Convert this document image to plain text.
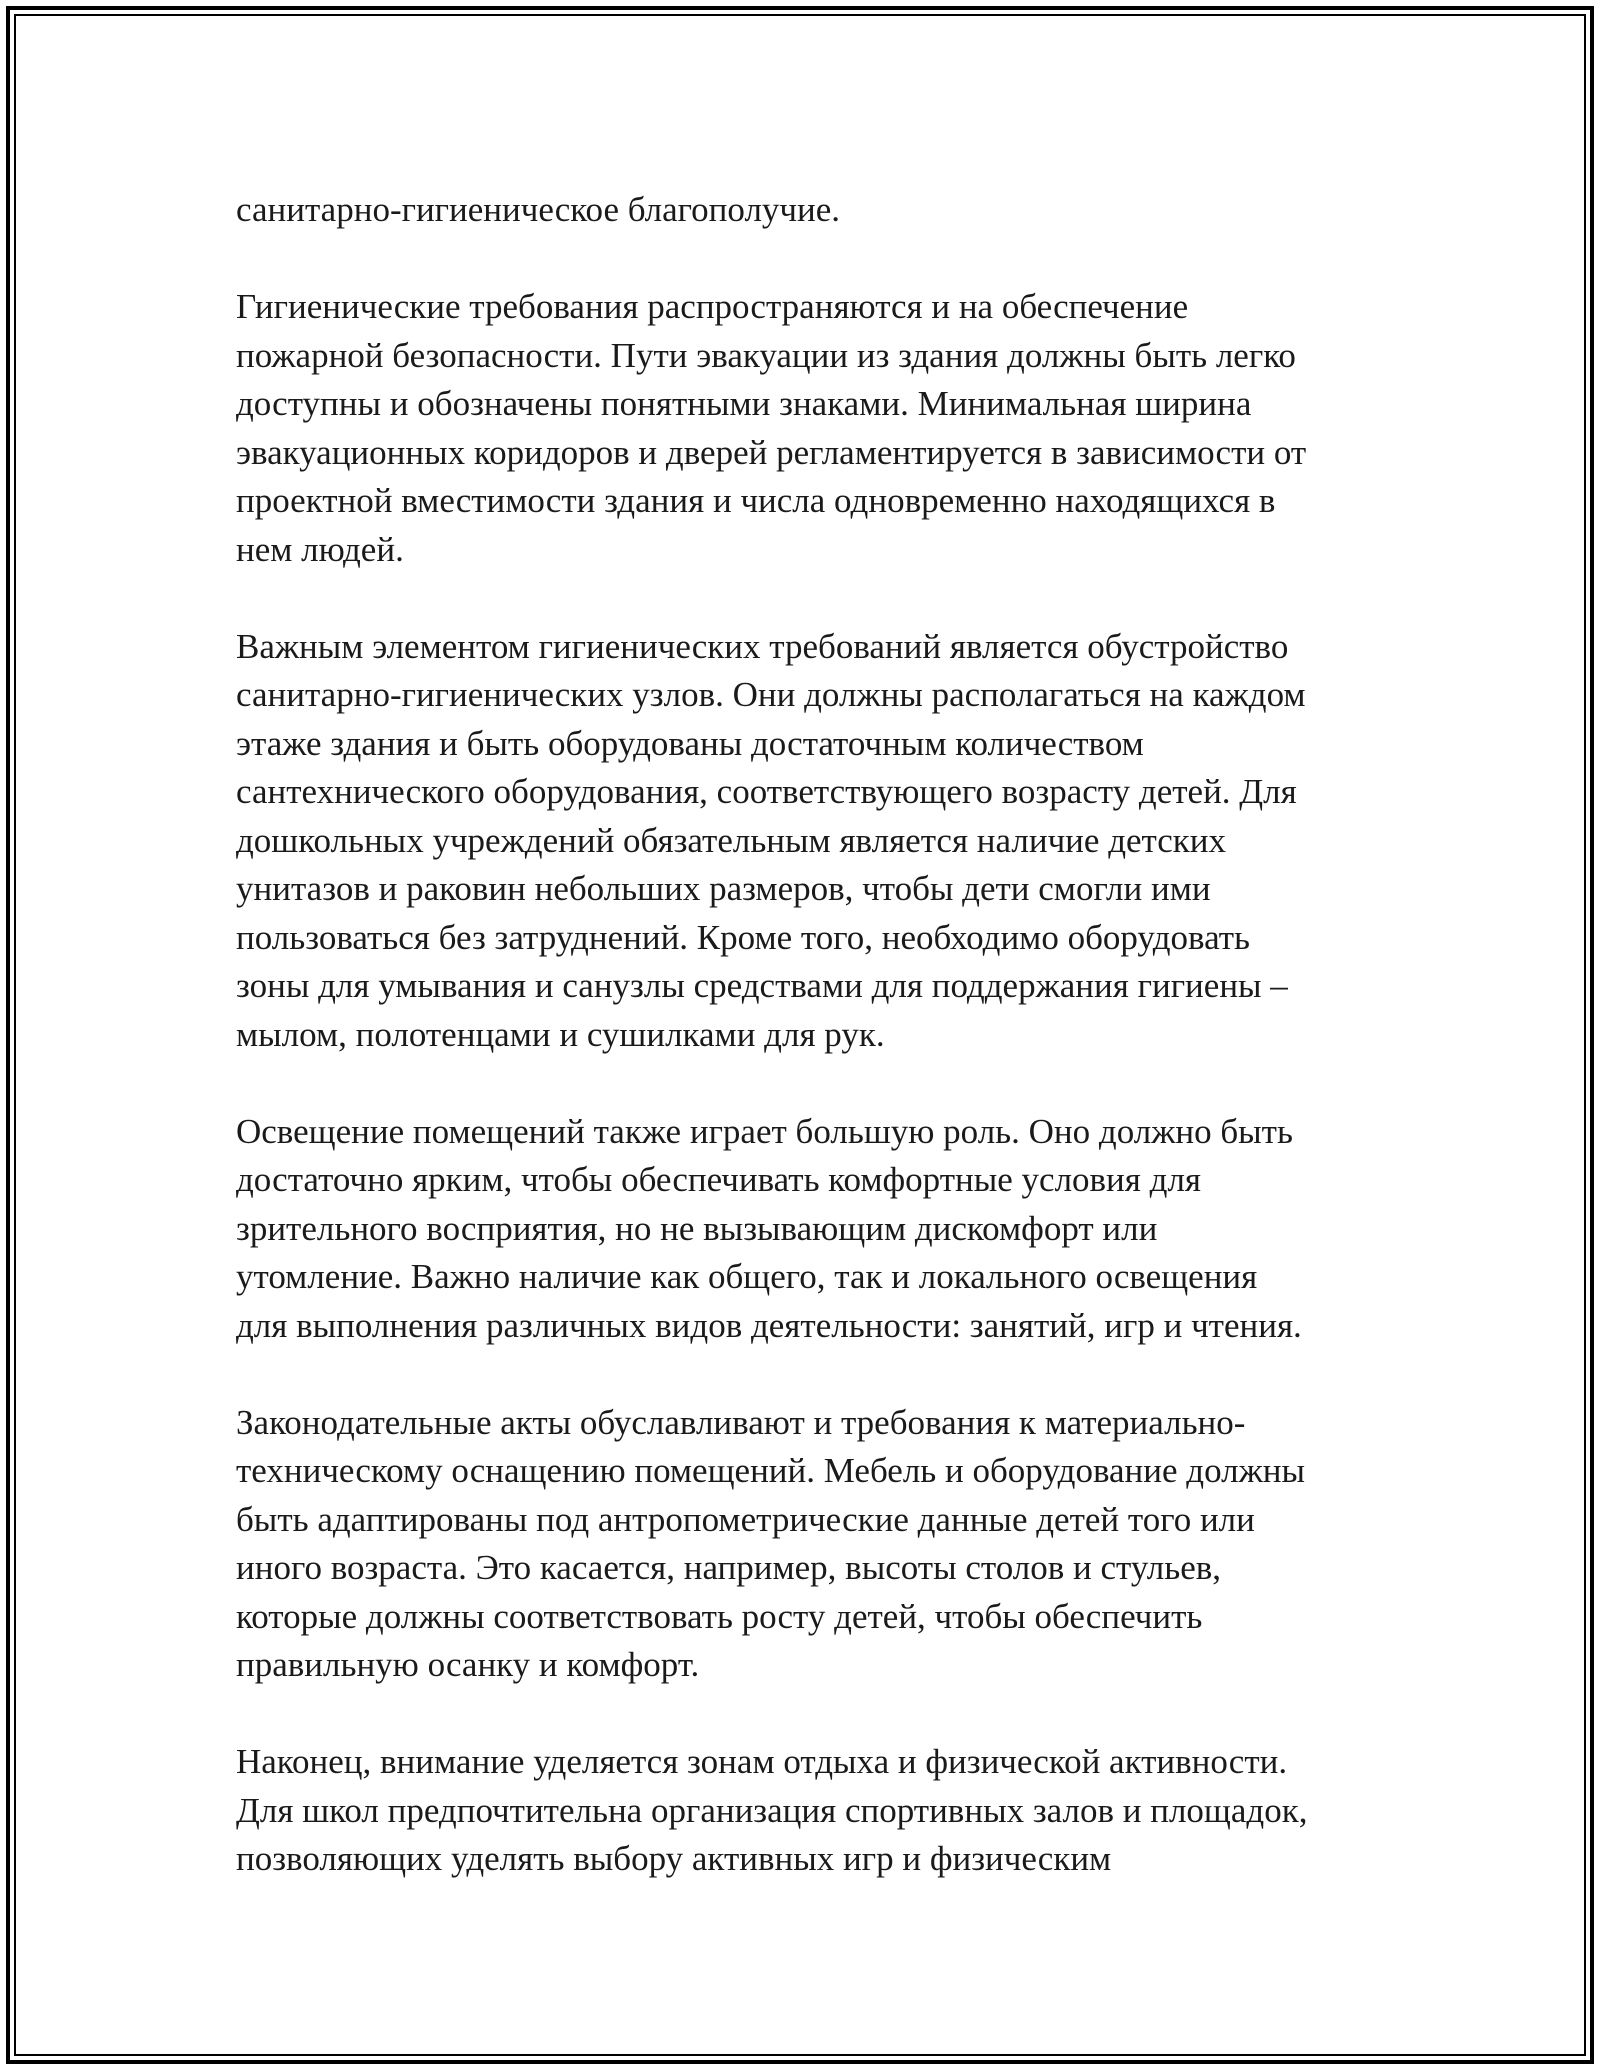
санитарно-гигиеническое благополучие.
Гигиенические требования распространяются и на обеспечение
пожарной безопасности. Пути эвакуации из здания должны быть легко
доступны и обозначены понятными знаками. Минимальная ширина
эвакуационных коридоров и дверей регламентируется в зависимости от
проектной вместимости здания и числа одновременно находящихся в
нем людей.
Важным элементом гигиенических требований является обустройство
санитарно-гигиенических узлов. Они должны располагаться на каждом
этаже здания и быть оборудованы достаточным количеством
сантехнического оборудования, соответствующего возрасту детей. Для
дошкольных учреждений обязательным является наличие детских
унитазов и раковин небольших размеров, чтобы дети смогли ими
пользоваться без затруднений. Кроме того, необходимо оборудовать
зоны для умывания и санузлы средствами для поддержания гигиены –
мылом, полотенцами и сушилками для рук.
Освещение помещений также играет большую роль. Оно должно быть
достаточно ярким, чтобы обеспечивать комфортные условия для
зрительного восприятия, но не вызывающим дискомфорт или
утомление. Важно наличие как общего, так и локального освещения
для выполнения различных видов деятельности: занятий, игр и чтения.
Законодательные акты обуславливают и требования к материально-
техническому оснащению помещений. Мебель и оборудование должны
быть адаптированы под антропометрические данные детей того или
иного возраста. Это касается, например, высоты столов и стульев,
которые должны соответствовать росту детей, чтобы обеспечить
правильную осанку и комфорт.
Наконец, внимание уделяется зонам отдыха и физической активности.
Для школ предпочтительна организация спортивных залов и площадок,
позволяющих уделять выбору активных игр и физическим
